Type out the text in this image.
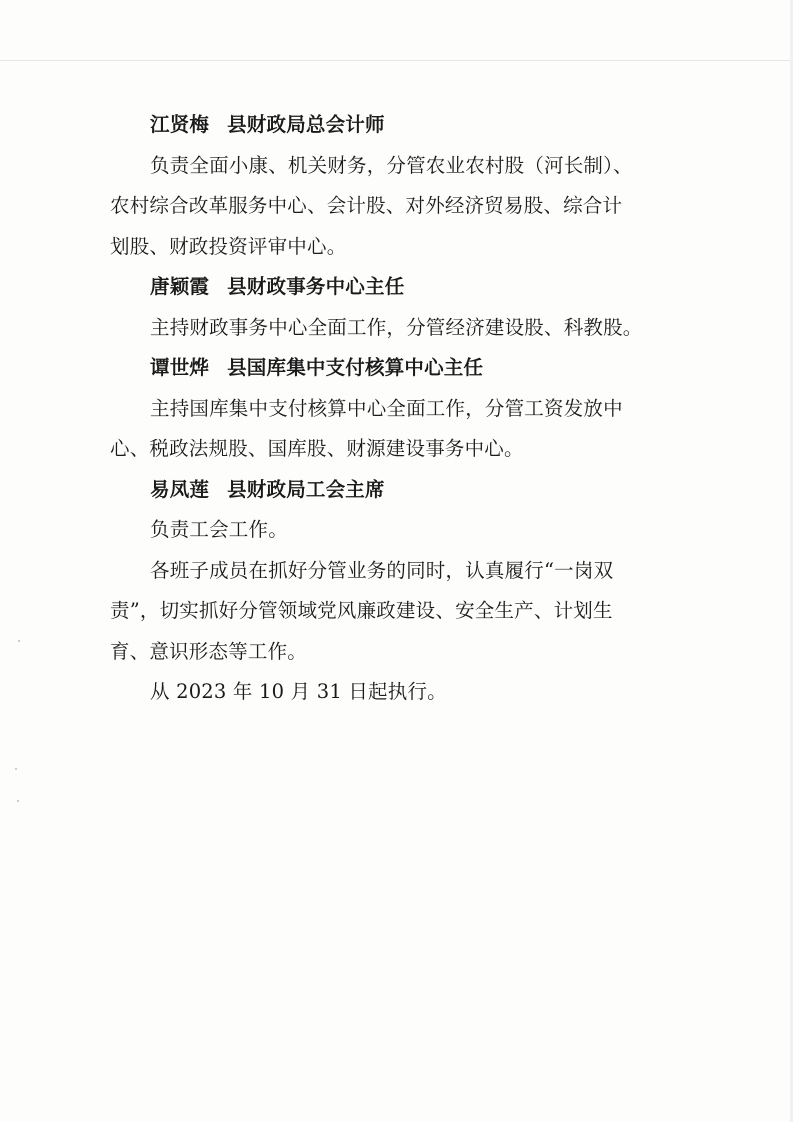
江贤梅 县财政局总会计师
负责全面小康、机关财务，分管农业农村股（河长制）、
农村综合改革服务中心、会计股、对外经济贸易股、综合计
划股、财政投资评审中心。
唐颖霞 县财政事务中心主任
主持财政事务中心全面工作，分管经济建设股、科教股。
谭世烨 县国库集中支付核算中心主任
主持国库集中支付核算中心全面工作，分管工资发放中
心、税政法规股、国库股、财源建设事务中心。
易凤莲 县财政局工会主席
负责工会工作。
各班子成员在抓好分管业务的同时，认真履行“一岗双
责”，切实抓好分管领域党风廉政建设、安全生产、计划生
育、意识形态等工作。
从 2023 年 10 月 31 日起执行。
